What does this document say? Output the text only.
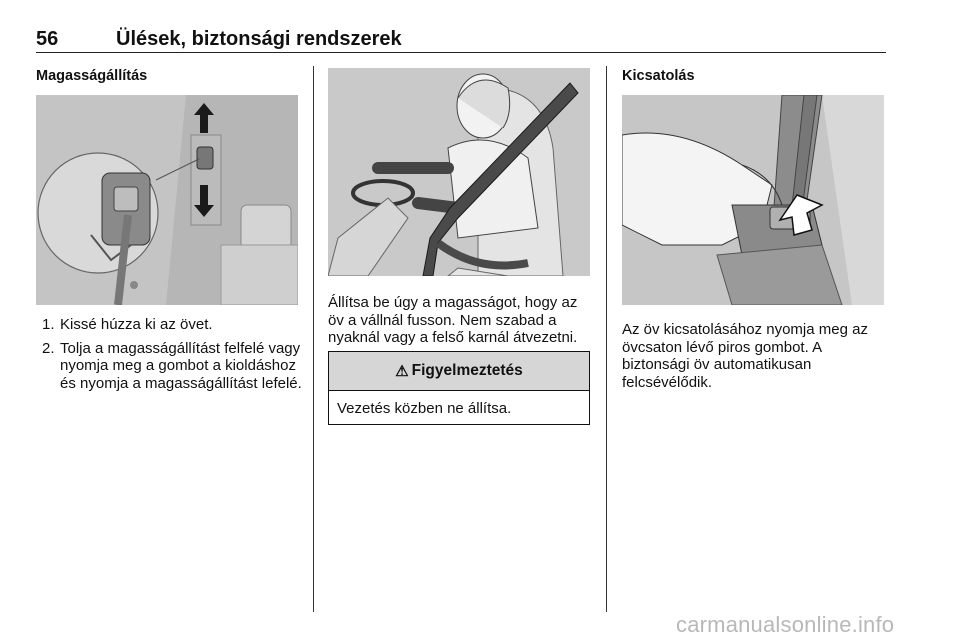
56	Ülések, biztonsági rendszerek
Magasságállítás
1. Kissé húzza ki az övet.
2. Tolja a magasságállítást felfelé vagy nyomja meg a gombot a kioldáshoz és nyomja a magasságállítást lefelé.

Állítsa be úgy a magasságot, hogy az öv a vállnál fusson. Nem szabad a nyaknál vagy a felső karnál átvezetni.

⚠ Figyelmeztetés
Vezetés közben ne állítsa.
Kicsatolás

Az öv kicsatolásához nyomja meg az övcsaton lévő piros gombot. A biztonsági öv automatikusan felcsévélődik.

carmanualsonline.info
